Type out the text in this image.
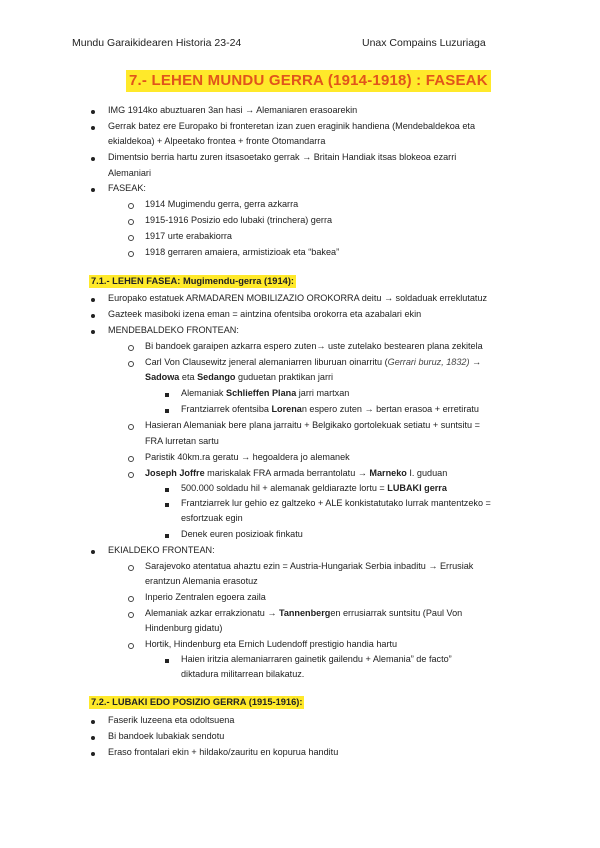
Mundu Garaikidearen Historia 23-24	Unax Compains Luzuriaga
7.- LEHEN MUNDU GERRA (1914-1918) : FASEAK
IMG 1914ko abuztuaren 3an hasi → Alemaniaren erasoarekin
Gerrak batez ere Europako bi fronteretan izan zuen eraginik handiena (Mendebaldekoa eta
ekialdekoa) + Alpeetako frontea + fronte Otomandarra
Dimentsio berria hartu zuren itsasoetako gerrak → Britain Handiak itsas blokeoa ezarri
Alemaniari
FASEAK:
1914 Mugimendu gerra, gerra azkarra
1915-1916 Posizio edo lubaki (trinchera) gerra
1917 urte erabakiorra
1918 gerraren amaiera, armistizioak eta “bakea”
7.1.- LEHEN FASEA: Mugimendu-gerra (1914):
Europako estatuek ARMADAREN MOBILIZAZIO OROKORRA deitu → soldaduak erreklutatuz
Gazteek masiboki izena eman = aintzina ofentsiba orokorra eta azabalari ekin
MENDEBALDEKO FRONTEAN:
Bi bandoek garaipen azkarra espero zuten→ uste zutelako bestearen plana zekitela
Carl Von Clausewitz jeneral alemaniarren liburuan oinarritu (Gerrari buruz, 1832) →
Sadowa eta Sedango guduetan praktikan jarri
Alemaniak Schlieffen Plana jarri martxan
Frantziarrek ofentsiba Lorenan espero zuten → bertan erasoa + erretiratu
Hasieran Alemaniak bere plana jarraitu + Belgikako gortolekuak setiatu + suntsitu =
FRA lurretan sartu
Paristik 40km.ra geratu → hegoaldera jo alemanek
Joseph Joffre mariskalak FRA armada berrantolatu → Marneko I. guduan
500.000 soldadu hil + alemanak geldiarazte lortu = LUBAKI gerra
Frantziarrek lur gehio ez galtzeko + ALE konkistatutako lurrak mantentzeko =
esfortzuak egin
Denek euren posizioak finkatu
EKIALDEKO FRONTEAN:
Sarajevoko atentatua ahaztu ezin = Austria-Hungariak Serbia inbaditu → Errusiak
erantzun Alemania erasotuz
Inperio Zentralen egoera zaila
Alemaniak azkar errakzionatu → Tannenbergen errusiarrak suntsitu (Paul Von
Hindenburg gidatu)
Hortik, Hindenburg eta Ernich Ludendoff prestigio handia hartu
Haien iritzia alemaniarraren gainetik gailendu + Alemania” de facto”
diktadura militarrean bilakatuz.
7.2.- LUBAKI EDO POSIZIO GERRA (1915-1916):
Faserik luzeena eta odoltsuena
Bi bandoek lubakiak sendotu
Eraso frontalari ekin + hildako/zauritu en kopurua handitu
